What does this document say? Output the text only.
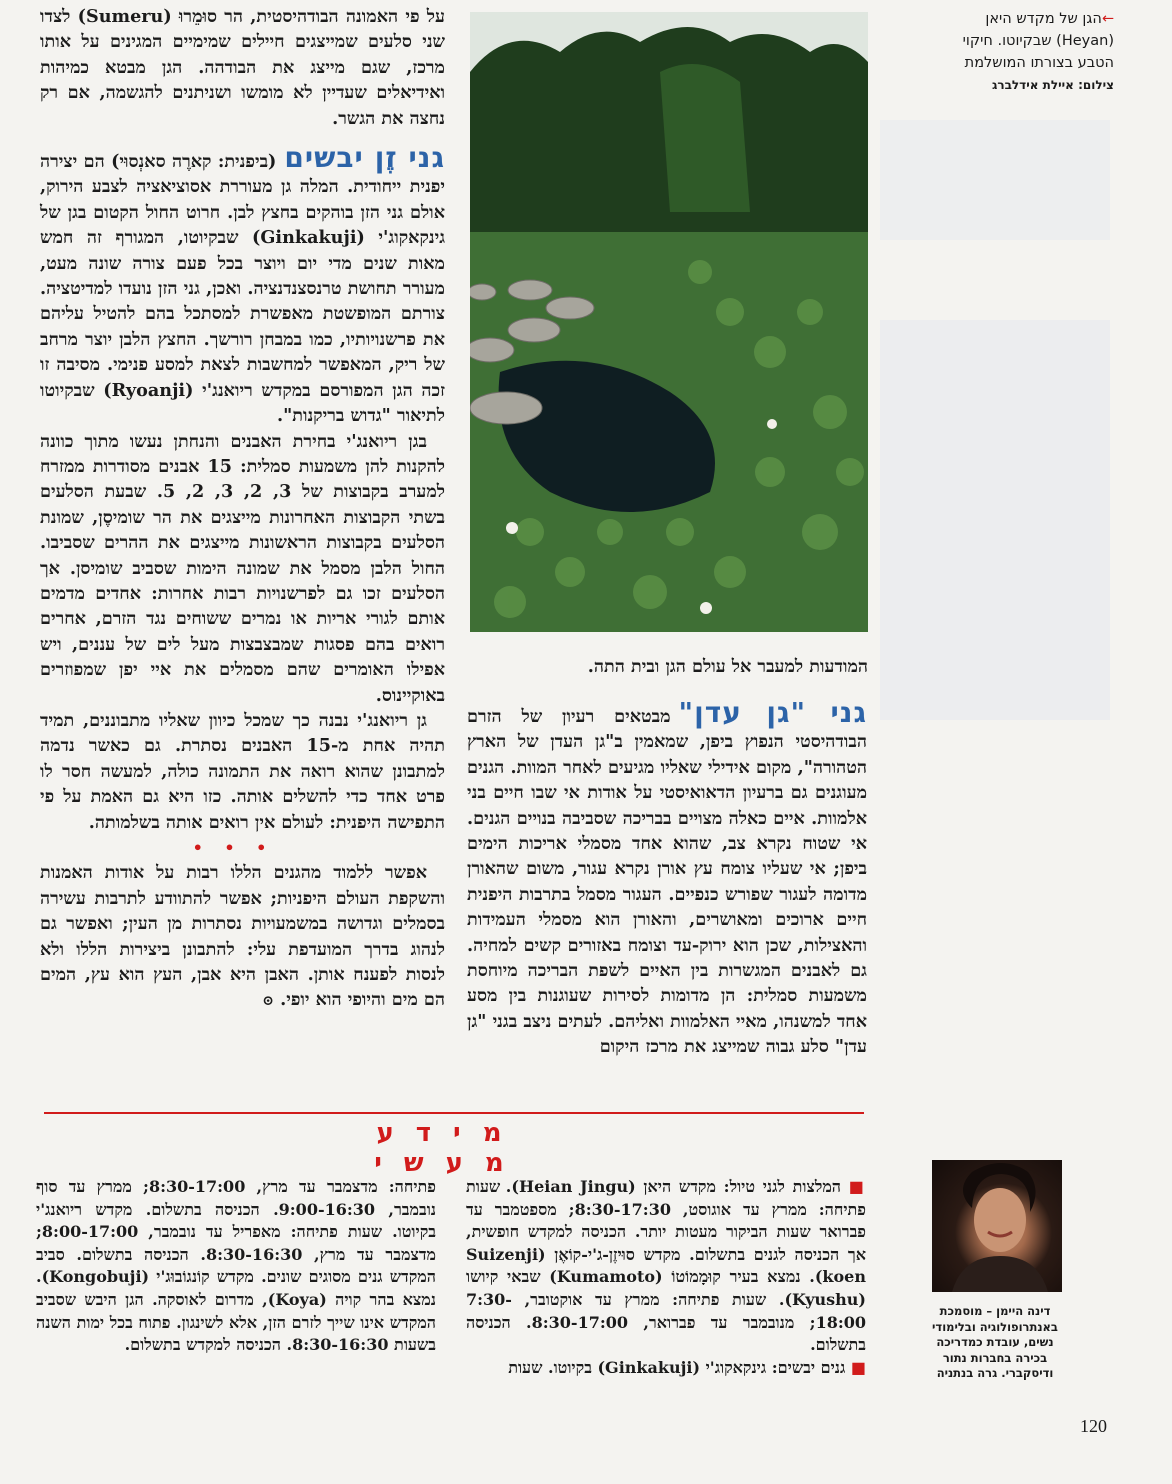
←הגן של מקדש היאן
(Heyan) שבקיוטו. חיקוי
הטבע בצורתו המושלמת
צילום: איילת אידלברג
המודעות למעבר אל עולם הגן ובית התה.

על פי האמונה הבודהיסטית, הר סוּמֵרוּ (Sumeru) לצדו שני סלעים שמייצגים חיילים שמימיים המגינים על אותו מרכז, שגם מייצג את הבודהה. הגן מבטא כמיהות ואידיאלים שעדיין לא מומשו ושניתנים להגשמה, אם רק נחצה את הגשר.

גני זֶן יבשים(ביפנית: קארֶה סאנְסוּי) הם יצירה יפנית ייחודית. המלה גן מעוררת אסוציאציה לצבע הירוק, אולם גני הזן בוהקים בחצץ לבן. חרוט החול הקטום בגן של גינקאקוג'י (Ginkakuji) שבקיוטו, המגורף זה חמש מאות שנים מדי יום ויוצר בכל פעם צורה שונה מעט, מעורר תחושת טרנסצנדנציה. ואכן, גני הזן נועדו למדיטציה. צורתם המופשטת מאפשרת למסתכל בהם להטיל עליהם את פרשנויותיו, כמו במבחן רורשך. החצץ הלבן יוצר מרחב של ריק, המאפשר למחשבות לצאת למסע פנימי. מסיבה זו זכה הגן המפורסם במקדש ריואנג'י (Ryoanji) שבקיוטו לתיאור "גדוש בריקנות".

בגן ריואנג'י בחירת האבנים והנחתן נעשו מתוך כוונה להקנות להן משמעות סמלית: 15 אבנים מסודרות ממזרח למערב בקבוצות של 3, 2, 3, 2, 5. שבעת הסלעים בשתי הקבוצות האחרונות מייצגים את הר שומיסֶן, שמונת הסלעים בקבוצות הראשונות מייצגים את ההרים שסביבו. החול הלבן מסמל את שמונה הימות שסביב שומיסן. אך הסלעים זכו גם לפרשנויות רבות אחרות: אחדים מדמים אותם לגורי אריות או נמרים ששוחים נגד הזרם, אחרים רואים בהם פסגות שמבצבצות מעל לים של עננים, ויש אפילו האומרים שהם מסמלים את איי יפן שמפוזרים באוקיינוס.

גן ריואנג'י נבנה כך שמכל כיוון שאליו מתבוננים, תמיד תהיה אחת מ-15 האבנים נסתרת. גם כאשר נדמה למתבונן שהוא רואה את התמונה כולה, למעשה חסר לו פרט אחד כדי להשלים אותה. כזו היא גם האמת על פי התפישה היפנית: לעולם אין רואים אותה בשלמותה.

• • •

אפשר ללמוד מהגנים הללו רבות על אודות האמנות והשקפת העולם היפניות; אפשר להתוודע לתרבות עשירה בסמלים וגדושה במשמעויות נסתרות מן העין; ואפשר גם לנהוג בדרך המועדפת עלי: להתבונן ביצירות הללו ולא לנסות לפענח אותן. האבן היא אבן, העץ הוא עץ, המים הם מים והיופי הוא יופי. ⊙

גני "גן עדן"מבטאים רעיון של הזרם הבודהיסטי הנפוץ ביפן, שמאמין ב"גן העדן של הארץ הטהורה", מקום אידילי שאליו מגיעים לאחר המוות. הגנים מעוגנים גם ברעיון הדאואיסטי על אודות אי שבו חיים בני אלמוות. איים כאלה מצויים בבריכה שסביבה בנויים הגנים. אי שטוח נקרא צב, שהוא אחד מסמלי אריכות הימים ביפן; אי שעליו צומח עץ אורן נקרא עגור, משום שהאורן מדומה לעגור שפורש כנפיים. העגור מסמל בתרבות היפנית חיים ארוכים ומאושרים, והאורן הוא מסמלי העמידות והאצילות, שכן הוא ירוק-עד וצומח באזורים קשים למחיה. גם לאבנים המגשרות בין האיים לשפת הבריכה מיוחסת משמעות סמלית: הן מדומות לסירות שעוגנות בין מסע אחד למשנהו, מאיי האלמוות ואליהם. לעתים ניצב בגני "גן עדן" סלע גבוה שמייצג את מרכז היקום

מידע מעשי

■ המלצות לגני טיול: מקדש היאן (Heian Jingu). שעות פתיחה: ממרץ עד אוגוסט, 8:30-17:30; מספטמבר עד פברואר שעות הביקור מעטות יותר. הכניסה למקדש חופשית, אך הכניסה לגנים בתשלום. מקדש סוּיזֶן-ג'י-קוֹאֶן (Suizenji koen). נמצא בעיר קוּמָמוֹטוֹ (Kumamoto) שבאי קיושו (Kyushu). שעות פתיחה: ממרץ עד אוקטובר, 7:30-18:00; מנובמבר עד פברואר, 8:30-17:00. הכניסה בתשלום.

■ גנים יבשים: גינקאקוג'י (Ginkakuji) בקיוטו. שעות

פתיחה: מדצמבר עד מרץ, 8:30-17:00; ממרץ עד סוף נובמבר, 9:00-16:30. הכניסה בתשלום. מקדש ריואנג'י בקיוטו. שעות פתיחה: מאפריל עד נובמבר, 8:00-17:00; מדצמבר עד מרץ, 8:30-16:30. הכניסה בתשלום. סביב המקדש גנים מסוגים שונים. מקדש קוֹנגוֹבוּג'י (Kongobuji). נמצא בהר קויה (Koya), מדרום לאוסקה. הגן היבש שסביב המקדש אינו שייך לזרם הזן, אלא לשינגון. פתוח בכל ימות השנה בשעות 8:30-16:30. הכניסה למקדש בתשלום.

דינה היימן – מוסמכת באנתרופולוגיה ובלימודי נשים, עובדת כמדריכה בכירה בחברות נתור ודיסקברי. גרה בנתניה
120
